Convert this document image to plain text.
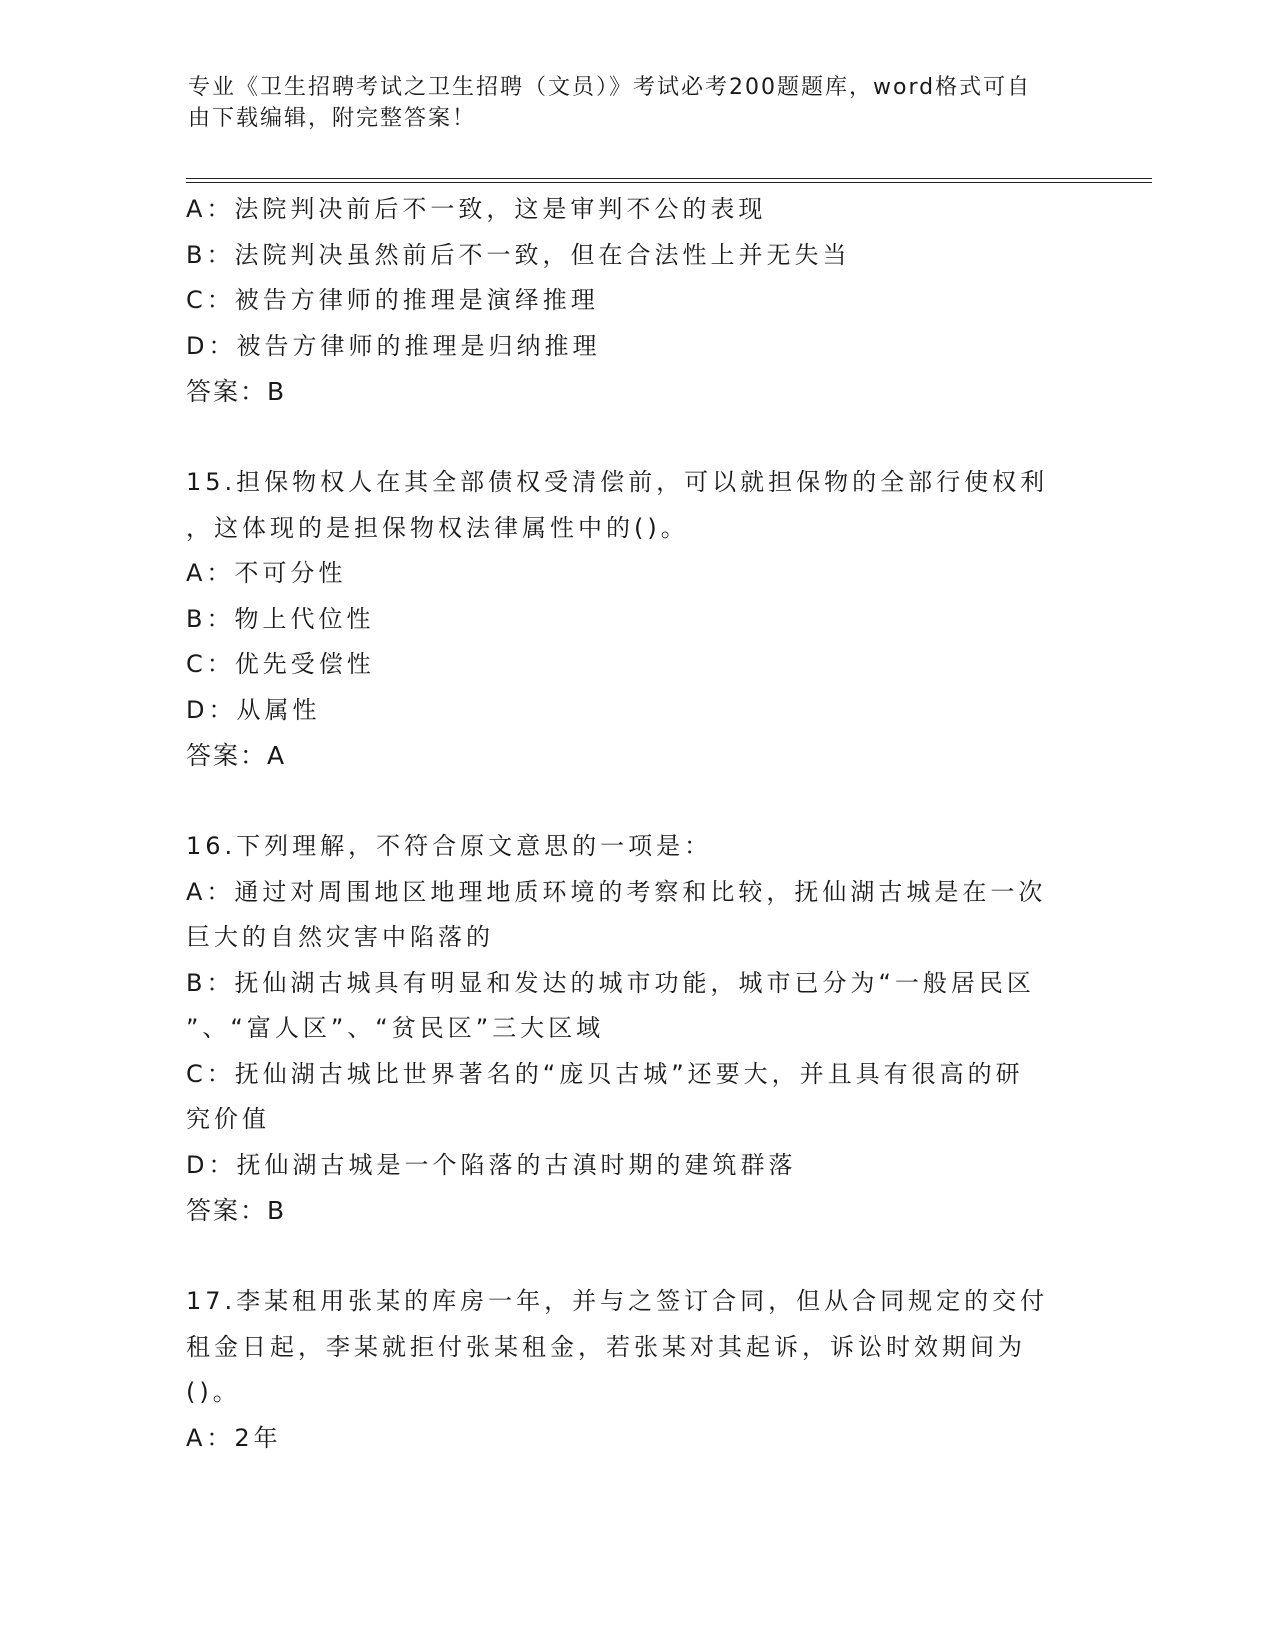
专业《卫生招聘考试之卫生招聘（文员）》考试必考200题题库，word格式可自
由下载编辑，附完整答案！
A：法院判决前后不一致，这是审判不公的表现
B：法院判决虽然前后不一致，但在合法性上并无失当
C：被告方律师的推理是演绎推理
D：被告方律师的推理是归纳推理
答案：B
15.担保物权人在其全部债权受清偿前，可以就担保物的全部行使权利
，这体现的是担保物权法律属性中的()。
A：不可分性
B：物上代位性
C：优先受偿性
D：从属性
答案：A
16.下列理解，不符合原文意思的一项是：
A：通过对周围地区地理地质环境的考察和比较，抚仙湖古城是在一次
巨大的自然灾害中陷落的
B：抚仙湖古城具有明显和发达的城市功能，城市已分为“一般居民区
”、“富人区”、“贫民区”三大区域
C：抚仙湖古城比世界著名的“庞贝古城”还要大，并且具有很高的研
究价值
D：抚仙湖古城是一个陷落的古滇时期的建筑群落
答案：B
17.李某租用张某的库房一年，并与之签订合同，但从合同规定的交付
租金日起，李某就拒付张某租金，若张某对其起诉，诉讼时效期间为
()。
A：2年
